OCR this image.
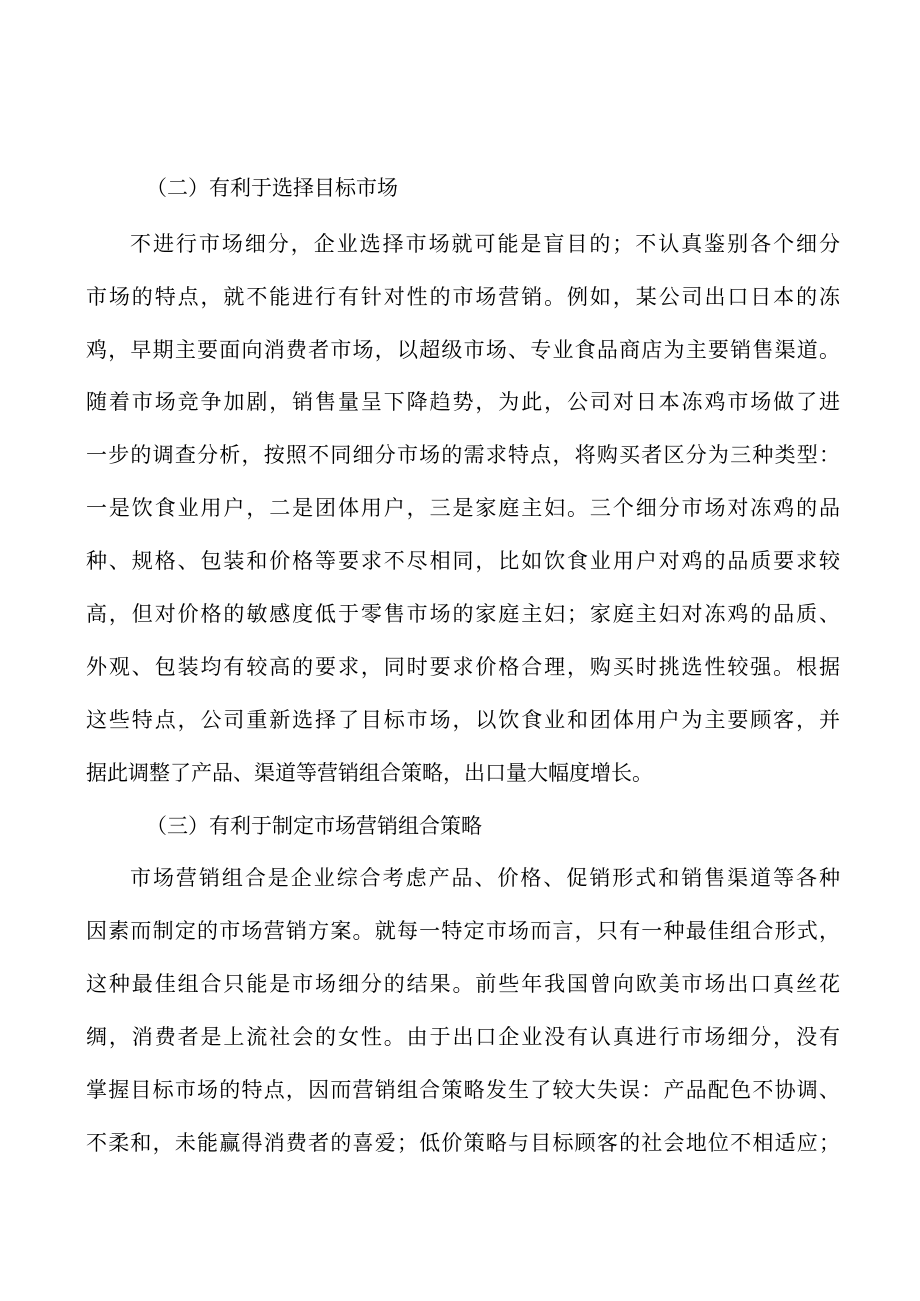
（二）有利于选择目标市场

不进行市场细分，企业选择市场就可能是盲目的；不认真鉴别各个细分

市场的特点，就不能进行有针对性的市场营销。例如，某公司出口日本的冻

鸡，早期主要面向消费者市场，以超级市场、专业食品商店为主要销售渠道。

随着市场竞争加剧，销售量呈下降趋势，为此，公司对日本冻鸡市场做了进

一步的调查分析，按照不同细分市场的需求特点，将购买者区分为三种类型：

一是饮食业用户，二是团体用户，三是家庭主妇。三个细分市场对冻鸡的品

种、规格、包装和价格等要求不尽相同，比如饮食业用户对鸡的品质要求较

高，但对价格的敏感度低于零售市场的家庭主妇；家庭主妇对冻鸡的品质、

外观、包装均有较高的要求，同时要求价格合理，购买时挑选性较强。根据

这些特点，公司重新选择了目标市场，以饮食业和团体用户为主要顾客，并

据此调整了产品、渠道等营销组合策略，出口量大幅度增长。

（三）有利于制定市场营销组合策略

市场营销组合是企业综合考虑产品、价格、促销形式和销售渠道等各种

因素而制定的市场营销方案。就每一特定市场而言，只有一种最佳组合形式，

这种最佳组合只能是市场细分的结果。前些年我国曾向欧美市场出口真丝花

绸，消费者是上流社会的女性。由于出口企业没有认真进行市场细分，没有

掌握目标市场的特点，因而营销组合策略发生了较大失误：产品配色不协调、

不柔和，未能赢得消费者的喜爱；低价策略与目标顾客的社会地位不相适应；
